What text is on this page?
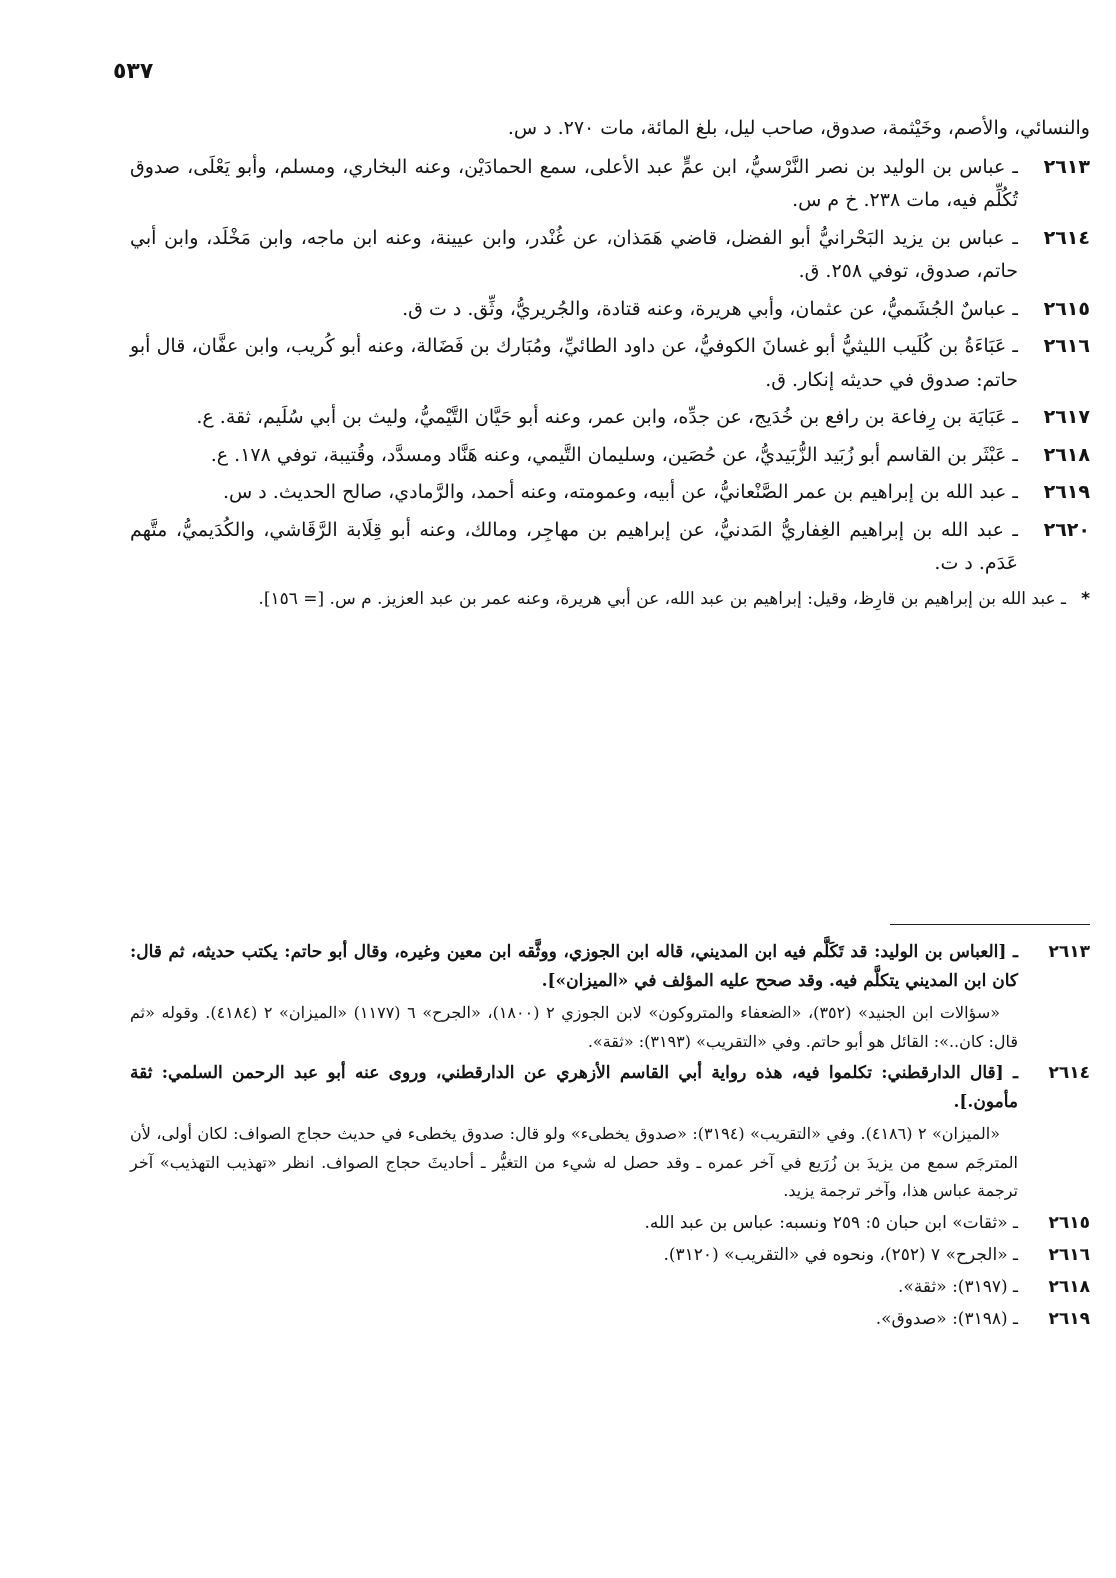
٥٣٧
والنسائي، والأصم، وخَيْثمة، صدوق، صاحب ليل، بلغ المائة، مات ٢٧٠. د س.
٢٦١٣
ـ عباس بن الوليد بن نصر النَّرْسيُّ، ابن عمٍّ عبد الأعلى، سمع الحمادَيْن، وعنه البخاري، ومسلم، وأبو يَعْلَى، صدوق تُكُلِّم فيه، مات ٢٣٨. خ م س.
٢٦١٤
ـ عباس بن يزيد البَحْرانيُّ أبو الفضل، قاضي هَمَذان، عن غُنْدر، وابن عيينة، وعنه ابن ماجه، وابن مَخْلَد، وابن أبي حاتم، صدوق، توفي ٢٥٨. ق.
٢٦١٥
ـ عباسٌ الجُشَميُّ، عن عثمان، وأبي هريرة، وعنه قتادة، والجُريريُّ، وثِّق. د ت ق.
٢٦١٦
ـ عَبَاءَةُ بن كُلَيب الليثيُّ أبو غسانَ الكوفيُّ، عن داود الطائيِّ، ومُبَارك بن فَضَالة، وعنه أبو كُريب، وابن عفَّان، قال أبو حاتم: صدوق في حديثه إنكار. ق.
٢٦١٧
ـ عَبَايَة بن رِفاعة بن رافع بن خُدَيج، عن جدِّه، وابن عمر، وعنه أبو حَيَّان التَّيْميُّ، وليث بن أبي سُلَيم، ثقة. ع.
٢٦١٨
ـ عَبْثَر بن القاسم أبو زُبَيد الزُّبَيديُّ، عن حُصَين، وسليمان التَّيمي، وعنه هَنَّاد ومسدَّد، وقُتيبة، توفي ١٧٨. ع.
٢٦١٩
ـ عبد الله بن إبراهيم بن عمر الصَّنْعانيُّ، عن أبيه، وعمومته، وعنه أحمد، والرَّمادي، صالح الحديث. د س.
٢٦٢٠
ـ عبد الله بن إبراهيم الغِفاريُّ المَدنيُّ، عن إبراهيم بن مهاجِر، ومالك، وعنه أبو قِلَابة الرَّقَاشي، والكُدَيميُّ، متَّهم عَدَم. د ت.
*
ـ عبد الله بن إبراهيم بن قارِظ، وقيل: إبراهيم بن عبد الله، عن أبي هريرة، وعنه عمر بن عبد العزيز. م س. [= ١٥٦].
٢٦١٣
ـ [العباس بن الوليد: قد تَكَلَّم فيه ابن المديني، قاله ابن الجوزي، ووثَّقه ابن معين وغيره، وقال أبو حاتم: يكتب حديثه، ثم قال: كان ابن المديني يتكلَّم فيه. وقد صحح عليه المؤلف في «الميزان»].
«سؤالات ابن الجنيد» (٣٥٢)، «الضعفاء والمتروكون» لابن الجوزي ٢ (١٨٠٠)، «الجرح» ٦ (١١٧٧) «الميزان» ٢ (٤١٨٤). وقوله «ثم قال: كان..»: القائل هو أبو حاتم. وفي «التقريب» (٣١٩٣): «ثقة».
٢٦١٤
ـ [قال الدارقطني: تكلموا فيه، هذه رواية أبي القاسم الأزهري عن الدارقطني، وروى عنه أبو عبد الرحمن السلمي: ثقة مأمون.].
«الميزان» ٢ (٤١٨٦). وفي «التقريب» (٣١٩٤): «صدوق يخطىء» ولو قال: صدوق يخطىء في حديث حجاج الصواف: لكان أولى، لأن المترجَم سمع من يزيدَ بن زُرَيع في آخر عمره ـ وقد حصل له شيء من التغيُّر ـ أحاديثَ حجاج الصواف. انظر «تهذيب التهذيب» آخر ترجمة عباس هذا، وآخر ترجمة يزيد.
٢٦١٥
ـ «ثقات» ابن حبان ٥: ٢٥٩ ونسبه: عباس بن عبد الله.
٢٦١٦
ـ «الجرح» ٧ (٢٥٢)، ونحوه في «التقريب» (٣١٢٠).
٢٦١٨
ـ (٣١٩٧): «ثقة».
٢٦١٩
ـ (٣١٩٨): «صدوق».
